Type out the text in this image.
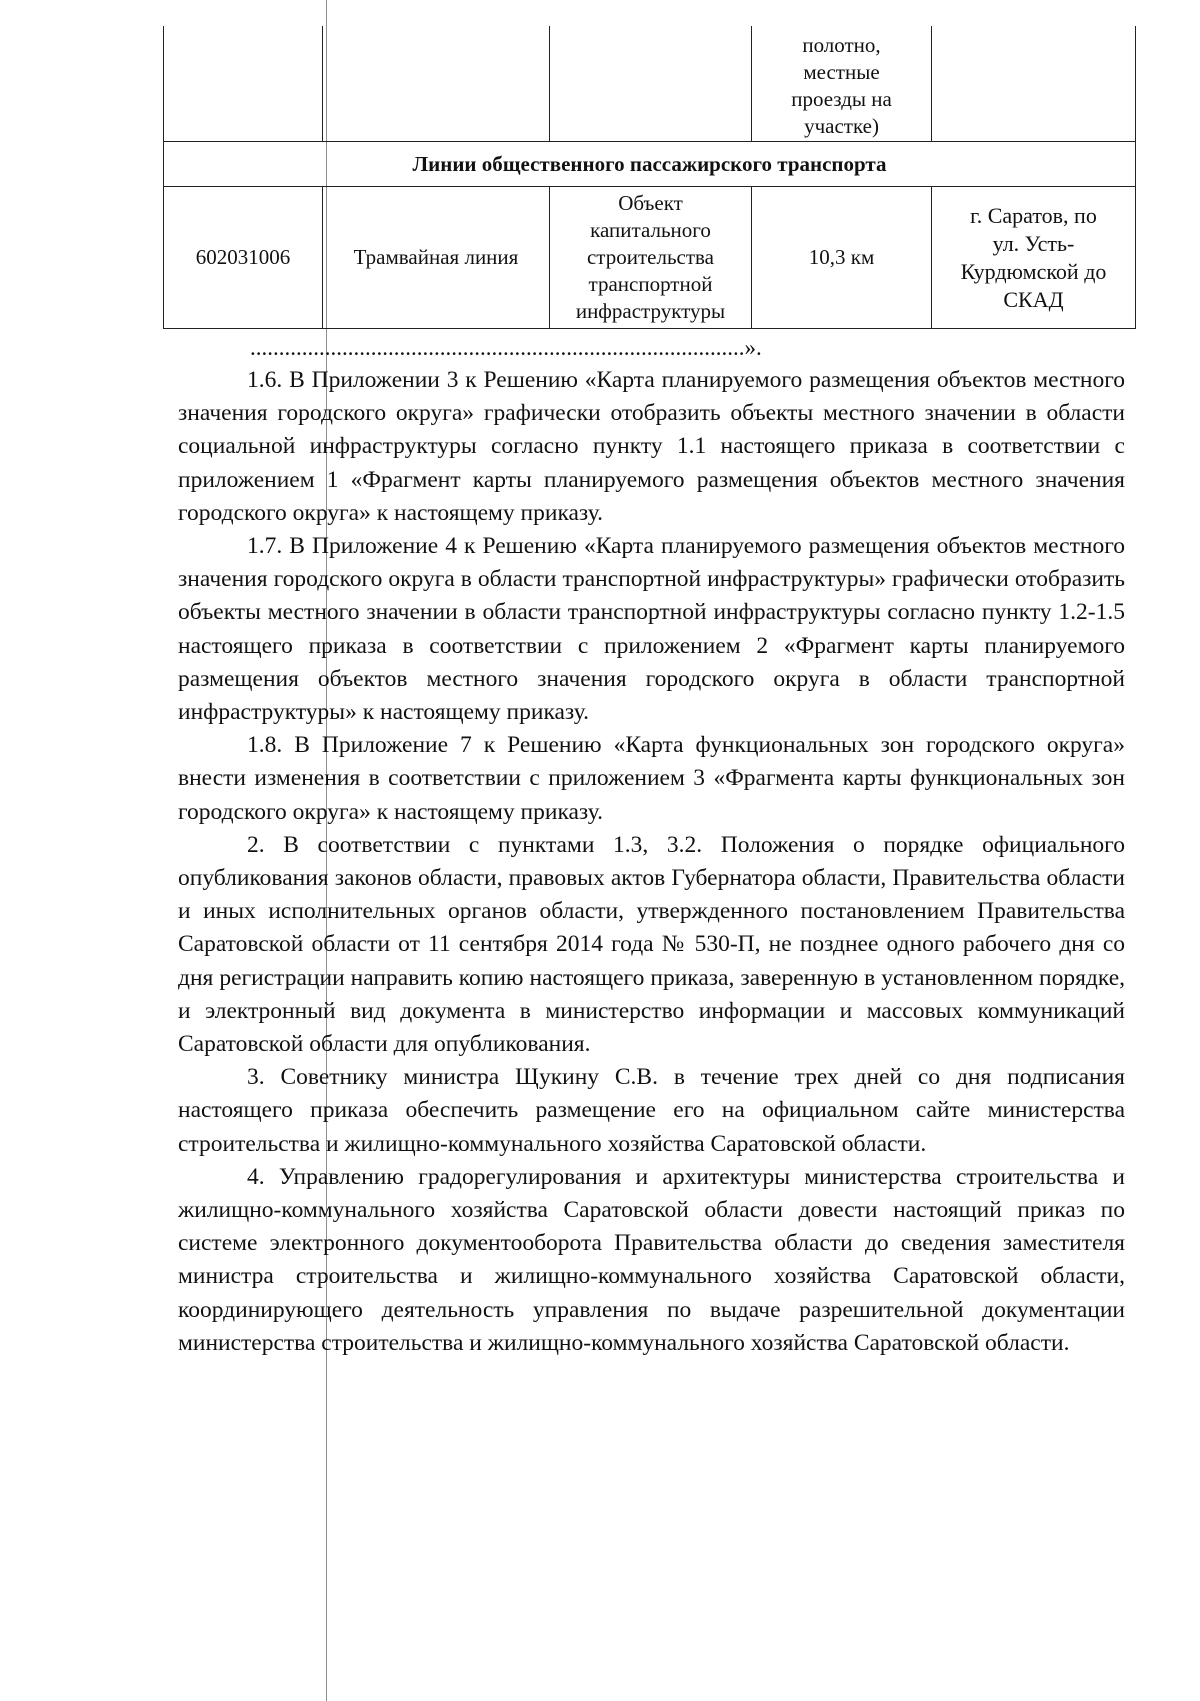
			полотно,
местные
проезды на
участке)	

Линии общественного пассажирского транспорта				
602031006	Трамвайная линия	Объект
капитального
строительства
транспортной
инфраструктуры	10,3 км	г. Саратов, по
ул. Усть-
Курдюмской до
СКАД
......................................................................................».

1.6. В Приложении 3 к Решению «Карта планируемого размещения объектов местного значения городского округа» графически отобразить объекты местного значении в области социальной инфраструктуры согласно пункту 1.1 настоящего приказа в соответствии с приложением 1 «Фрагмент карты планируемого размещения объектов местного значения городского округа» к настоящему приказу.

1.7. В Приложение 4 к Решению «Карта планируемого размещения объектов местного значения городского округа в области транспортной инфраструктуры» графически отобразить объекты местного значении в области транспортной инфраструктуры согласно пункту 1.2-1.5 настоящего приказа в соответствии с приложением 2 «Фрагмент карты планируемого размещения объектов местного значения городского округа в области транспортной инфраструктуры» к настоящему приказу.

1.8. В Приложение 7 к Решению «Карта функциональных зон городского округа» внести изменения в соответствии с приложением 3 «Фрагмента карты функциональных зон городского округа» к настоящему приказу.

2. В соответствии с пунктами 1.3, 3.2. Положения о порядке официального опубликования законов области, правовых актов Губернатора области, Правительства области и иных исполнительных органов области, утвержденного постановлением Правительства Саратовской области от 11 сентября 2014 года № 530-П, не позднее одного рабочего дня со дня регистрации направить копию настоящего приказа, заверенную в установленном порядке, и электронный вид документа в министерство информации и массовых коммуникаций Саратовской области для опубликования.

3. Советнику министра Щукину С.В. в течение трех дней со дня подписания настоящего приказа обеспечить размещение его на официальном сайте министерства строительства и жилищно-коммунального хозяйства Саратовской области.

4. Управлению градорегулирования и архитектуры министерства строительства и жилищно-коммунального хозяйства Саратовской области довести настоящий приказ по системе электронного документооборота Правительства области до сведения заместителя министра строительства и жилищно-коммунального хозяйства Саратовской области, координирующего деятельность управления по выдаче разрешительной документации министерства строительства и жилищно-коммунального хозяйства Саратовской области.
